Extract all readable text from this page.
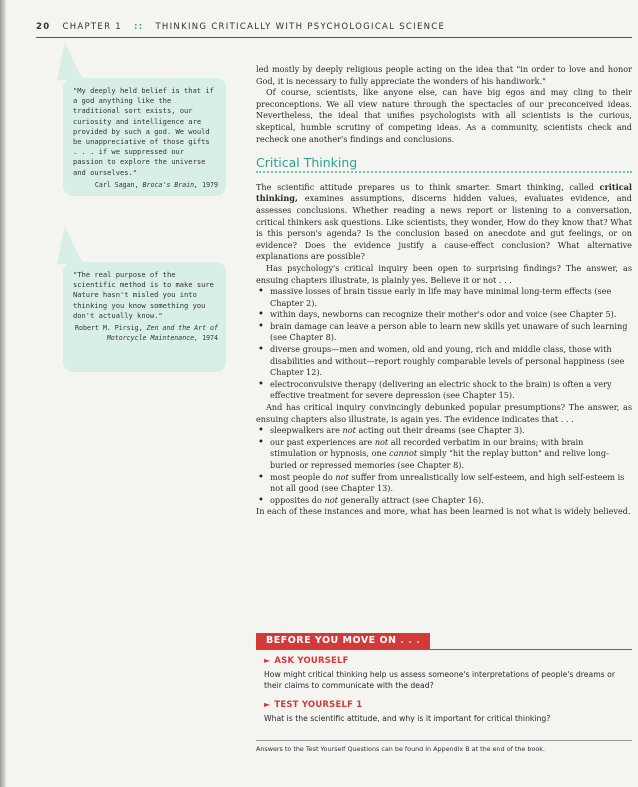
20 CHAPTER 1 :: THINKING CRITICALLY WITH PSYCHOLOGICAL SCIENCE
"My deeply held belief is that if a god anything like the traditional sort exists, our curiosity and intelligence are provided by such a god. We would be unappreciative of those gifts . . . if we suppressed our passion to explore the universe and ourselves."
Carl Sagan, Broca's Brain, 1979
"The real purpose of the scientific method is to make sure Nature hasn't misled you into thinking you know something you don't actually know."
Robert M. Pirsig, Zen and the Art of Motorcycle Maintenance, 1974

led mostly by deeply religious people acting on the idea that "in order to love and honor God, it is necessary to fully appreciate the wonders of his handiwork."

Of course, scientists, like anyone else, can have big egos and may cling to their preconceptions. We all view nature through the spectacles of our preconceived ideas. Nevertheless, the ideal that unifies psychologists with all scientists is the curious, skeptical, humble scrutiny of competing ideas. As a community, scientists check and recheck one another's findings and conclusions.

Critical Thinking

The scientific attitude prepares us to think smarter. Smart thinking, called critical thinking, examines assumptions, discerns hidden values, evaluates evidence, and assesses conclusions. Whether reading a news report or listening to a conversation, critical thinkers ask questions. Like scientists, they wonder, How do they know that? What is this person's agenda? Is the conclusion based on anecdote and gut feelings, or on evidence? Does the evidence justify a cause-effect conclusion? What alternative explanations are possible?

Has psychology's critical inquiry been open to surprising findings? The answer, as ensuing chapters illustrate, is plainly yes. Believe it or not . . .

• massive losses of brain tissue early in life may have minimal long-term effects (see Chapter 2).
• within days, newborns can recognize their mother's odor and voice (see Chapter 5).
• brain damage can leave a person able to learn new skills yet unaware of such learning (see Chapter 8).
• diverse groups—men and women, old and young, rich and middle class, those with disabilities and without—report roughly comparable levels of personal happiness (see Chapter 12).
• electroconvulsive therapy (delivering an electric shock to the brain) is often a very effective treatment for severe depression (see Chapter 15).

And has critical inquiry convincingly debunked popular presumptions? The answer, as ensuing chapters also illustrate, is again yes. The evidence indicates that . . .

• sleepwalkers are not acting out their dreams (see Chapter 3).
• our past experiences are not all recorded verbatim in our brains; with brain stimulation or hypnosis, one cannot simply "hit the replay button" and relive long-buried or repressed memories (see Chapter 8).
• most people do not suffer from unrealistically low self-esteem, and high self-esteem is not all good (see Chapter 13).
• opposites do not generally attract (see Chapter 16).

In each of these instances and more, what has been learned is not what is widely believed.

BEFORE YOU MOVE ON . . .
► ASK YOURSELF
How might critical thinking help us assess someone's interpretations of people's dreams or their claims to communicate with the dead?
► TEST YOURSELF 1
What is the scientific attitude, and why is it important for critical thinking?
Answers to the Test Yourself Questions can be found in Appendix B at the end of the book.
